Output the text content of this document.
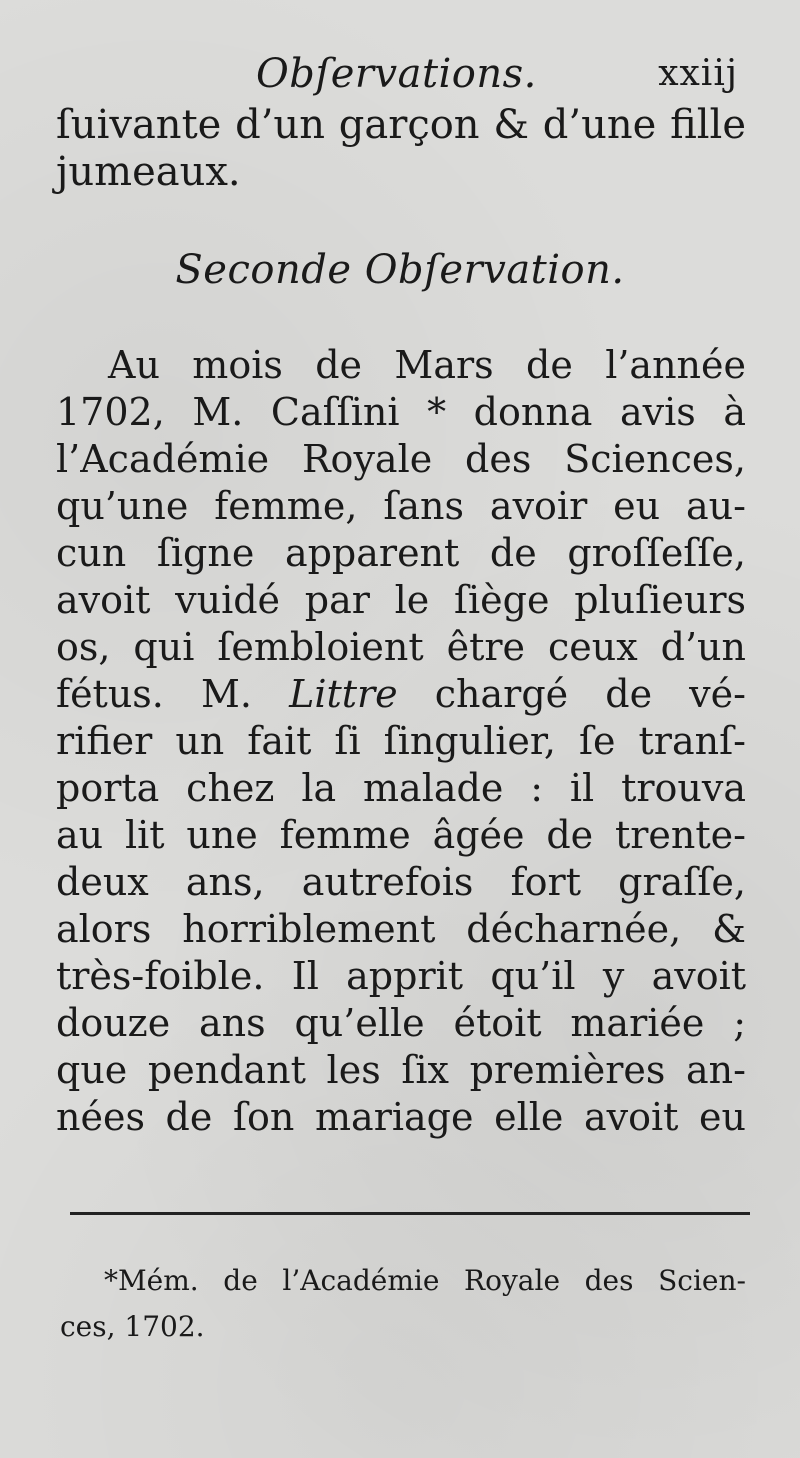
Obſervations.	xxiij
ſuivante d’un garçon & d’une fille
jumeaux.
Seconde Obſervation.
Au mois de Mars de l’année
1702, M. Caſſini * donna avis à
l’Académie Royale des Sciences,
qu’une femme, ſans avoir eu au-
cun ſigne apparent de groſſeſſe,
avoit vuidé par le ſiège pluſieurs
os, qui ſembloient être ceux d’un
fétus. M. Littre chargé de vé-
rifier un fait ſi ſingulier, ſe tranſ-
porta chez la malade : il trouva
au lit une femme âgée de trente-
deux ans, autrefois fort graſſe,
alors horriblement décharnée, &
très-foible. Il apprit qu’il y avoit
douze ans qu’elle étoit mariée ;
que pendant les ſix premières an-
nées de ſon mariage elle avoit eu
*Mém. de l’Académie Royale des Scien-
ces, 1702.
